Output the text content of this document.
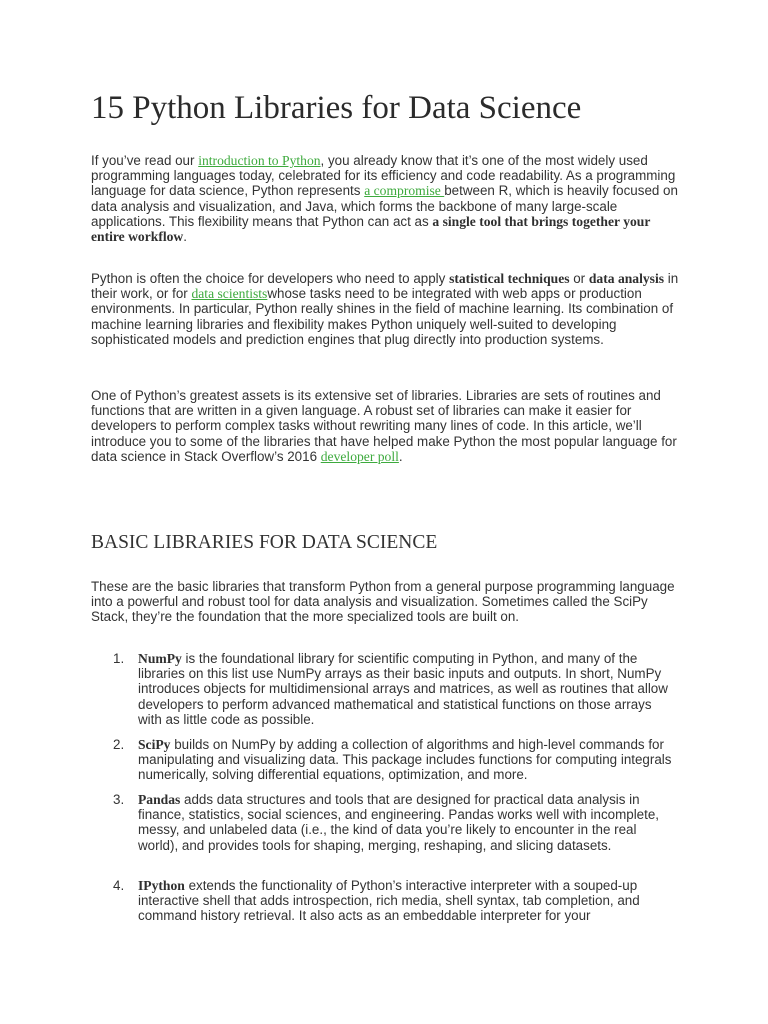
15 Python Libraries for Data Science

If you’ve read our introduction to Python, you already know that it’s one of the most widely used programming languages today, celebrated for its efficiency and code readability. As a programming language for data science, Python represents a compromise between R, which is heavily focused on data analysis and visualization, and Java, which forms the backbone of many large-scale applications. This flexibility means that Python can act as a single tool that brings together your entire workflow.

Python is often the choice for developers who need to apply statistical techniques or data analysis in their work, or for data scientistswhose tasks need to be integrated with web apps or production environments. In particular, Python really shines in the field of machine learning. Its combination of machine learning libraries and flexibility makes Python uniquely well-suited to developing sophisticated models and prediction engines that plug directly into production systems.

One of Python’s greatest assets is its extensive set of libraries. Libraries are sets of routines and functions that are written in a given language. A robust set of libraries can make it easier for developers to perform complex tasks without rewriting many lines of code. In this article, we’ll introduce you to some of the libraries that have helped make Python the most popular language for data science in Stack Overflow’s 2016 developer poll.

BASIC LIBRARIES FOR DATA SCIENCE

These are the basic libraries that transform Python from a general purpose programming language into a powerful and robust tool for data analysis and visualization. Sometimes called the SciPy Stack, they’re the foundation that the more specialized tools are built on.

1.	NumPy is the foundational library for scientific computing in Python, and many of the libraries on this list use NumPy arrays as their basic inputs and outputs. In short, NumPy introduces objects for multidimensional arrays and matrices, as well as routines that allow developers to perform advanced mathematical and statistical functions on those arrays with as little code as possible.
2.	SciPy builds on NumPy by adding a collection of algorithms and high-level commands for manipulating and visualizing data. This package includes functions for computing integrals numerically, solving differential equations, optimization, and more.
3.	Pandas adds data structures and tools that are designed for practical data analysis in finance, statistics, social sciences, and engineering. Pandas works well with incomplete, messy, and unlabeled data (i.e., the kind of data you’re likely to encounter in the real world), and provides tools for shaping, merging, reshaping, and slicing datasets.
4.	IPython extends the functionality of Python’s interactive interpreter with a souped-up interactive shell that adds introspection, rich media, shell syntax, tab completion, and command history retrieval. It also acts as an embeddable interpreter for your
